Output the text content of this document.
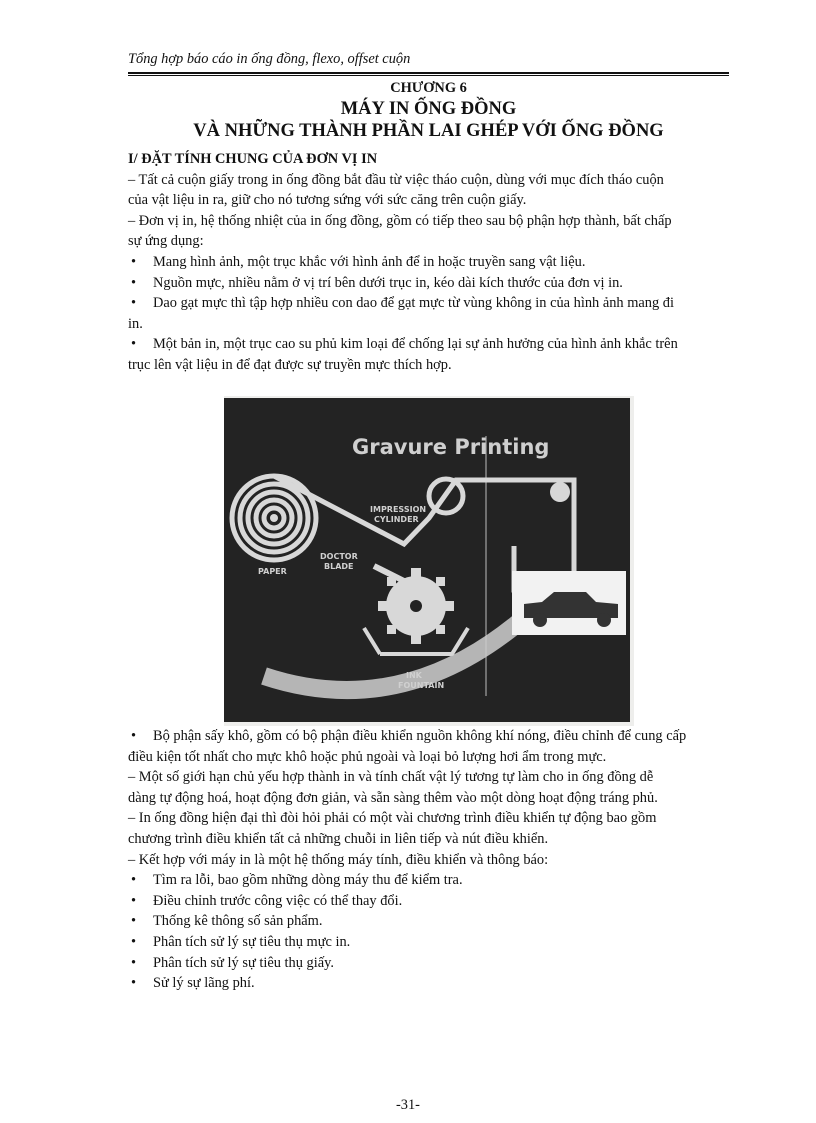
Tổng hợp báo cáo in ống đồng, flexo, offset cuộn
CHƯƠNG 6
MÁY IN ỐNG ĐỒNG
VÀ NHỮNG THÀNH PHẦN LAI GHÉP VỚI ỐNG ĐỒNG
I/ ĐẶT TÍNH CHUNG CỦA ĐƠN VỊ IN
– Tất cả cuộn giấy trong in ống đồng bắt đầu từ việc tháo cuộn, dùng với mục đích tháo cuộn
của vật liệu in ra, giữ cho nó tương sứng với sức căng trên cuộn giấy.
– Đơn vị in, hệ thống nhiệt của in ống đồng, gồm có tiếp theo sau bộ phận hợp thành, bất chấp
sự ứng dụng:
• Mang hình ảnh, một trục khắc với hình ảnh để in hoặc truyền sang vật liệu.
• Nguồn mực, nhiều nằm ở vị trí bên dưới trục in, kéo dài kích thước của đơn vị in.
• Dao gạt mực thì tập hợp nhiều con dao để gạt mực từ vùng không in của hình ảnh mang đi
in.
• Một bản in, một trục cao su phủ kim loại để chống lại sự ảnh hưởng của hình ảnh khắc trên
trục lên vật liệu in để đạt được sự truyền mực thích hợp.
Gravure Printing
PAPER
DOCTOR
BLADE
IMPRESSION
CYLINDER
INK
FOUNTAIN
• Bộ phận sấy khô, gồm có bộ phận điều khiển nguồn không khí nóng, điều chỉnh để cung cấp
điều kiện tốt nhất cho mực khô hoặc phủ ngoài và loại bỏ lượng hơi ẩm trong mực.
– Một số giới hạn chủ yếu hợp thành in và tính chất vật lý tương tự làm cho in ống đồng dễ
dàng tự động hoá, hoạt động đơn giản, và sẵn sàng thêm vào một dòng hoạt động tráng phủ.
– In ống đồng hiện đại thì đòi hỏi phải có một vài chương trình điều khiển tự động bao gồm
chương trình điều khiển tất cả những chuỗi in liên tiếp và nút điều khiển.
– Kết hợp với máy in là một hệ thống máy tính, điều khiển và thông báo:
• Tìm ra lỗi, bao gồm những dòng máy thu để kiểm tra.
• Điều chỉnh trước công việc có thể thay đổi.
• Thống kê thông số sản phẩm.
• Phân tích sử lý sự tiêu thụ mực in.
• Phân tích sử lý sự tiêu thụ giấy.
• Sử lý sự lãng phí.
-31-
